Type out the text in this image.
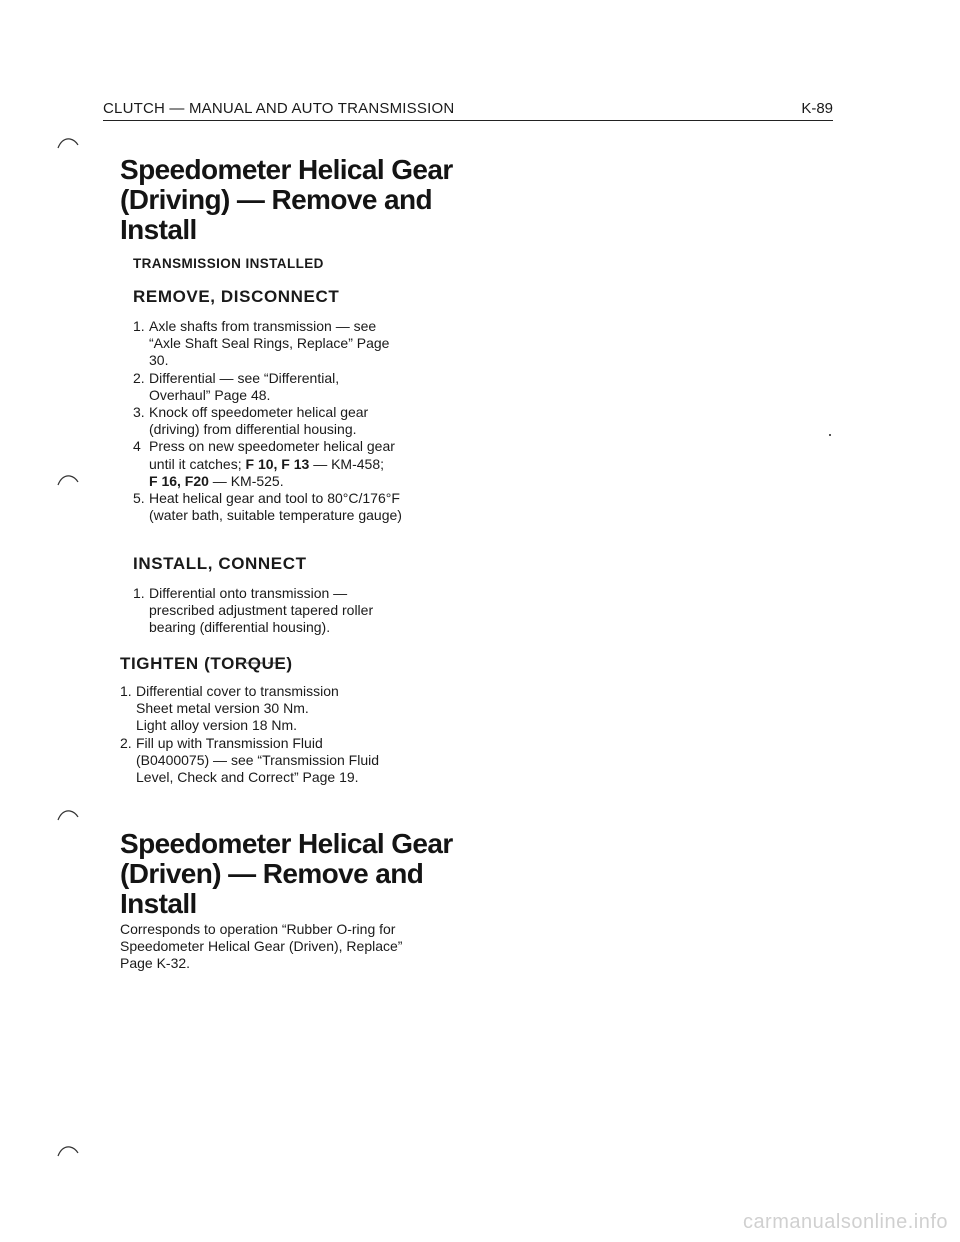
CLUTCH — MANUAL AND AUTO TRANSMISSION	K-89
Speedometer Helical Gear
(Driving) — Remove and
Install

TRANSMISSION INSTALLED

REMOVE, DISCONNECT
1. Axle shafts from transmission — see
“Axle Shaft Seal Rings, Replace” Page
30.
2. Differential — see “Differential,
Overhaul” Page 48.
3. Knock off speedometer helical gear
(driving) from differential housing.
4 Press on new speedometer helical gear
until it catches; F 10, F 13 — KM-458;
F 16, F20 — KM-525.
5. Heat helical gear and tool to 80°C/176°F
(water bath, suitable temperature gauge)
INSTALL, CONNECT
1. Differential onto transmission —
prescribed adjustment tapered roller
bearing (differential housing).
TIGHTEN (TORQUE)
1. Differential cover to transmission
Sheet metal version 30 Nm.
Light alloy version 18 Nm.
2. Fill up with Transmission Fluid
(B0400075) — see “Transmission Fluid
Level, Check and Correct” Page 19.
Speedometer Helical Gear
(Driven) — Remove and
Install
Corresponds to operation “Rubber O-ring for
Speedometer Helical Gear (Driven), Replace”
Page K-32.
carmanualsonline.info
